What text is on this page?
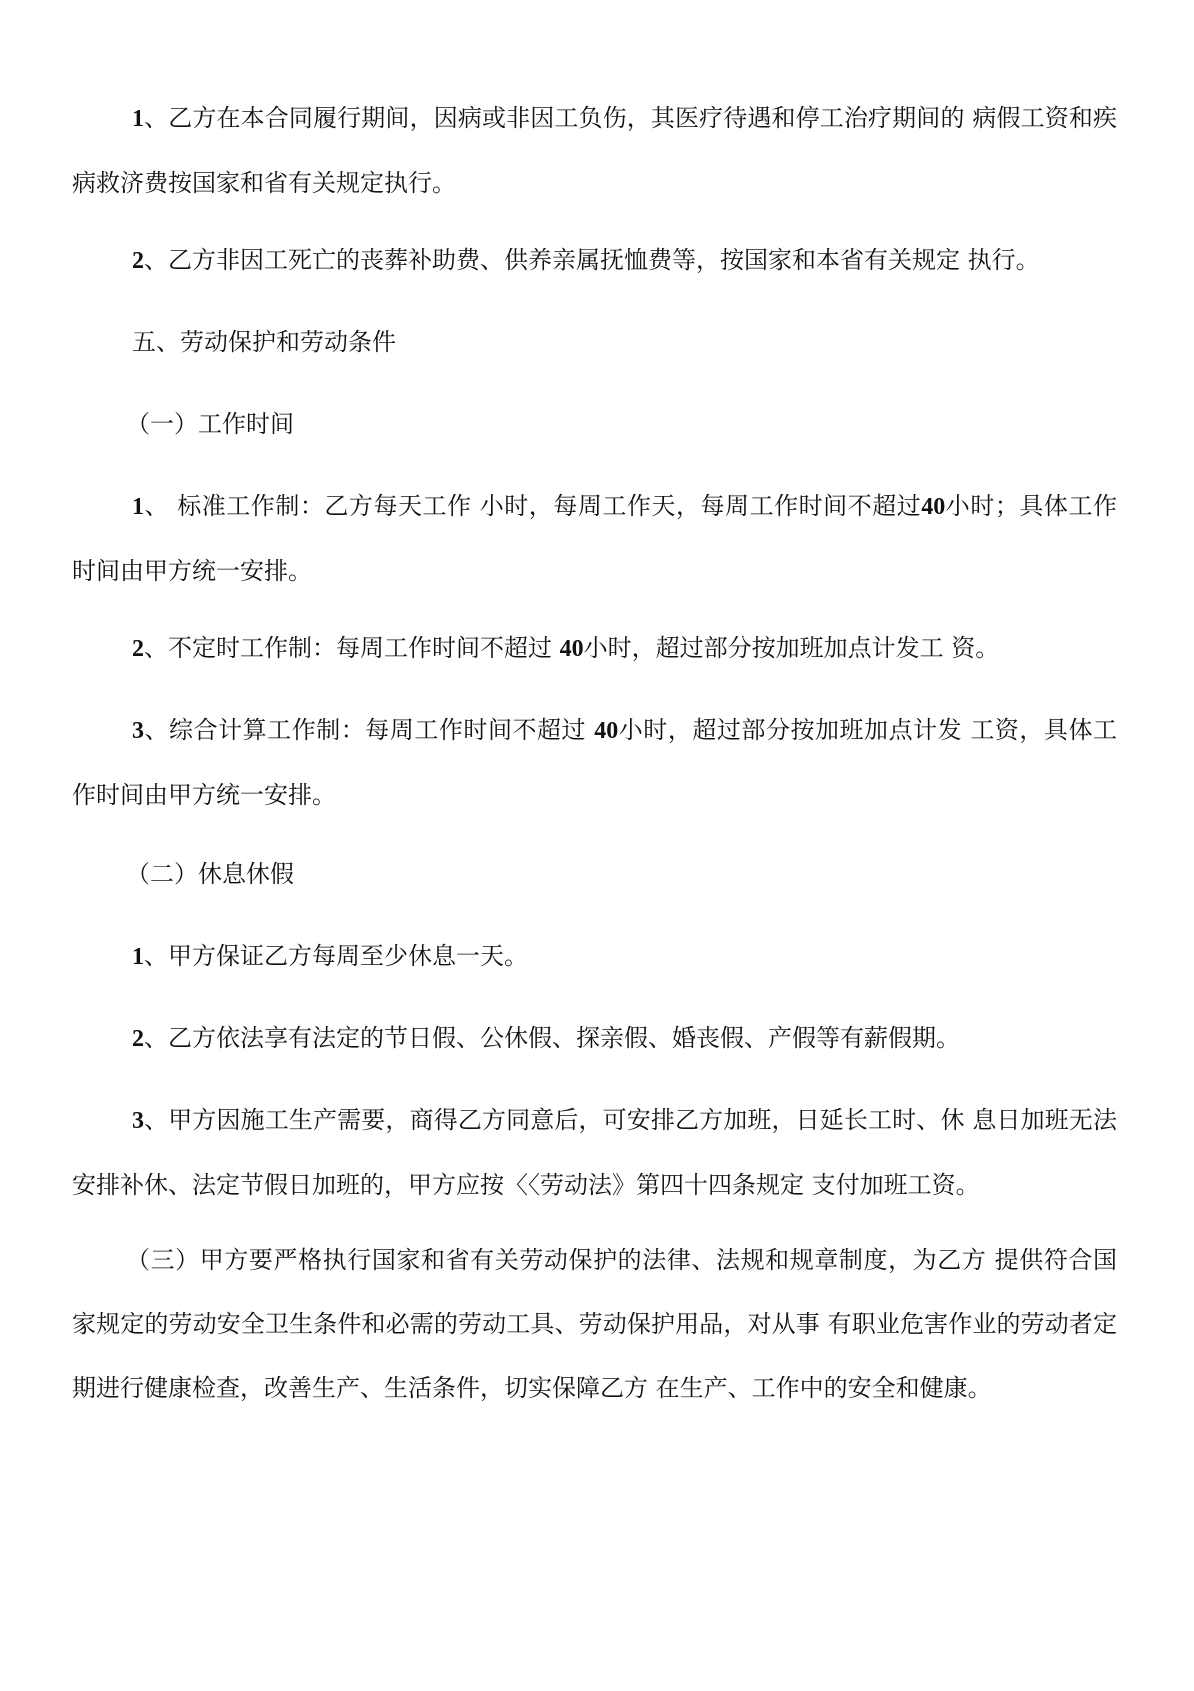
1、乙方在本合同履行期间，因病或非因工负伤，其医疗待遇和停工治疗期间的 病假工资和疾病救济费按国家和省有关规定执行。

2、乙方非因工死亡的丧葬补助费、供养亲属抚恤费等，按国家和本省有关规定 执行。

五、劳动保护和劳动条件

（一）工作时间

1、 标准工作制：乙方每天工作 小时，每周工作天，每周工作时间不超过40小时；具体工作时间由甲方统一安排。

2、不定时工作制：每周工作时间不超过 40小时，超过部分按加班加点计发工 资。

3、综合计算工作制：每周工作时间不超过 40小时，超过部分按加班加点计发 工资，具体工作时间由甲方统一安排。

（二）休息休假

1、甲方保证乙方每周至少休息一天。

2、乙方依法享有法定的节日假、公休假、探亲假、婚丧假、产假等有薪假期。

3、甲方因施工生产需要，商得乙方同意后，可安排乙方加班，日延长工时、休 息日加班无法安排补休、法定节假日加班的，甲方应按〈〈劳动法》第四十四条规定 支付加班工资。

（三）甲方要严格执行国家和省有关劳动保护的法律、法规和规章制度，为乙方 提供符合国家规定的劳动安全卫生条件和必需的劳动工具、劳动保护用品，对从事 有职业危害作业的劳动者定期进行健康检查，改善生产、生活条件，切实保障乙方 在生产、工作中的安全和健康。
